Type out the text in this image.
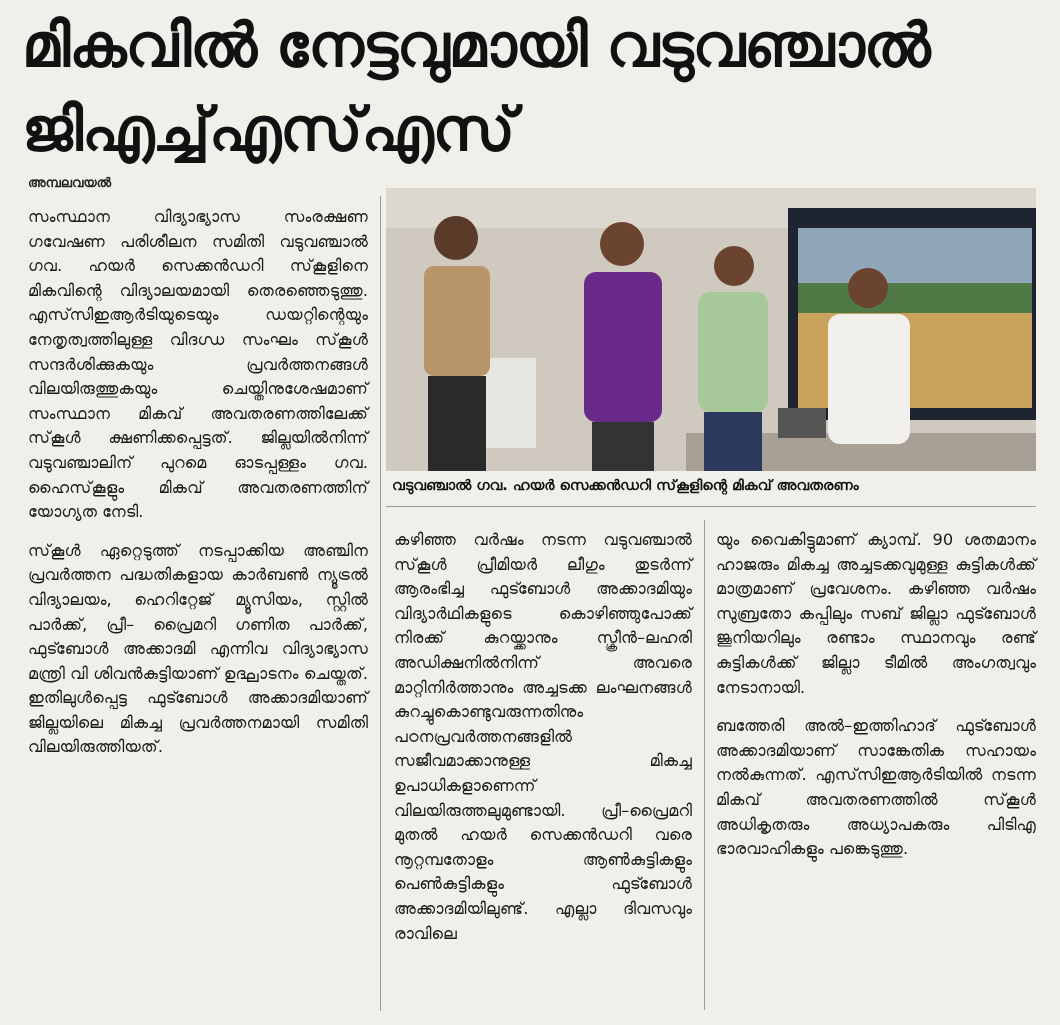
മികവിൽ നേട്ടവുമായി വടുവഞ്ചാൽ
ജിഎച്ച്എസ്എസ്
അമ്പലവയൽ

സംസ്ഥാന വിദ്യാഭ്യാസ സംരക്ഷണ ഗവേഷണ പരിശീലന സമിതി വടുവഞ്ചാൽ ഗവ. ഹയർ സെക്കൻഡറി സ്‌കൂളിനെ മികവിന്റെ വിദ്യാലയമായി തെരഞ്ഞെടുത്തു. എസ്‌സിഇആർടിയുടെയും ഡയറ്റിന്റെയും നേതൃത്വത്തിലുള്ള വിദഗ്ധ സംഘം സ്‌കൂൾ സന്ദർശിക്കുകയും പ്രവർത്തനങ്ങൾ വിലയിരുത്തുകയും ചെയ്തിനുശേഷമാണ് സംസ്ഥാന മികവ് അവതരണത്തിലേക്ക് സ്‌കൂൾ ക്ഷണിക്കപ്പെട്ടത്. ജില്ലയിൽനിന്ന് വടുവഞ്ചാലിന് പുറമെ ഓടപ്പള്ളം ഗവ. ഹൈസ്‌കൂളും മികവ് അവതരണത്തിന് യോഗ്യത നേടി.

സ്‌കൂൾ ഏറ്റെടുത്ത് നടപ്പാക്കിയ അഞ്ചിന പ്രവർത്തന പദ്ധതികളായ കാർബൺ ന്യൂട്രൽ വിദ്യാലയം, ഹെറിറ്റേജ് മ്യൂസിയം, സ്റ്റിൽ പാർക്ക്, പ്രീ– പ്രൈമറി ഗണിത പാർക്ക്, ഫുട്ബോൾ അക്കാദമി എന്നിവ വിദ്യാഭ്യാസ മന്ത്രി വി ശിവൻകുട്ടിയാണ് ഉദ്ഘാടനം ചെയ്തത്. ഇതിലുൾപ്പെട്ട ഫുട്ബോൾ അക്കാദമിയാണ് ജില്ലയിലെ മികച്ച പ്രവർത്തനമായി സമിതി വിലയിരുത്തിയത്.

വടുവഞ്ചാൽ ഗവ. ഹയർ സെക്കൻഡറി സ്‌കൂളിന്റെ മികവ് അവതരണം

കഴിഞ്ഞ വർഷം നടന്ന വടുവഞ്ചാൽ സ്‌കൂൾ പ്രീമിയർ ലീഗും തുടർന്ന് ആരംഭിച്ച ഫുട്ബോൾ അക്കാദമിയും വിദ്യാർഥികളുടെ കൊഴിഞ്ഞുപോക്ക് നിരക്ക് കുറയ്ക്കാനും സ്ക്രീൻ–ലഹരി അഡിക്ഷനിൽനിന്ന് അവരെ മാറ്റിനിർത്താനും അച്ചടക്ക ലംഘനങ്ങൾ കുറച്ചുകൊണ്ടുവരുന്നതിനും പഠനപ്രവർത്തനങ്ങളിൽ സജീവമാക്കാനുള്ള മികച്ച ഉപാധികളാണെന്ന് വിലയിരുത്തലുമുണ്ടായി. പ്രീ–പ്രൈമറി മുതൽ ഹയർ സെക്കൻഡറി വരെ നൂറ്റമ്പതോളം ആൺകുട്ടികളും പെൺകുട്ടികളും ഫുട്ബോൾ അക്കാദമിയിലുണ്ട്. എല്ലാ ദിവസവും രാവിലെ

യും വൈകിട്ടുമാണ് ക്യാമ്പ്. 90 ശതമാനം ഹാജരും മികച്ച അച്ചടക്കവുമുള്ള കുട്ടികൾക്ക് മാത്രമാണ് പ്രവേശനം. കഴിഞ്ഞ വർഷം സുബ്രതോ കപ്പിലും സബ് ജില്ലാ ഫുട്ബോൾ ജൂനിയറിലും രണ്ടാം സ്ഥാനവും രണ്ട് കുട്ടികൾക്ക് ജില്ലാ ടീമിൽ അംഗത്വവും നേടാനായി.

ബത്തേരി അൽ–ഇത്തിഹാദ് ഫുട്ബോൾ അക്കാദമിയാണ് സാങ്കേതിക സഹായം നൽകുന്നത്. എസ്‌സിഇആർടിയിൽ നടന്ന മികവ് അവതരണത്തിൽ സ്‌കൂൾ അധികൃതരും അധ്യാപകരും പിടിഎ ഭാരവാഹികളും പങ്കെടുത്തു.
